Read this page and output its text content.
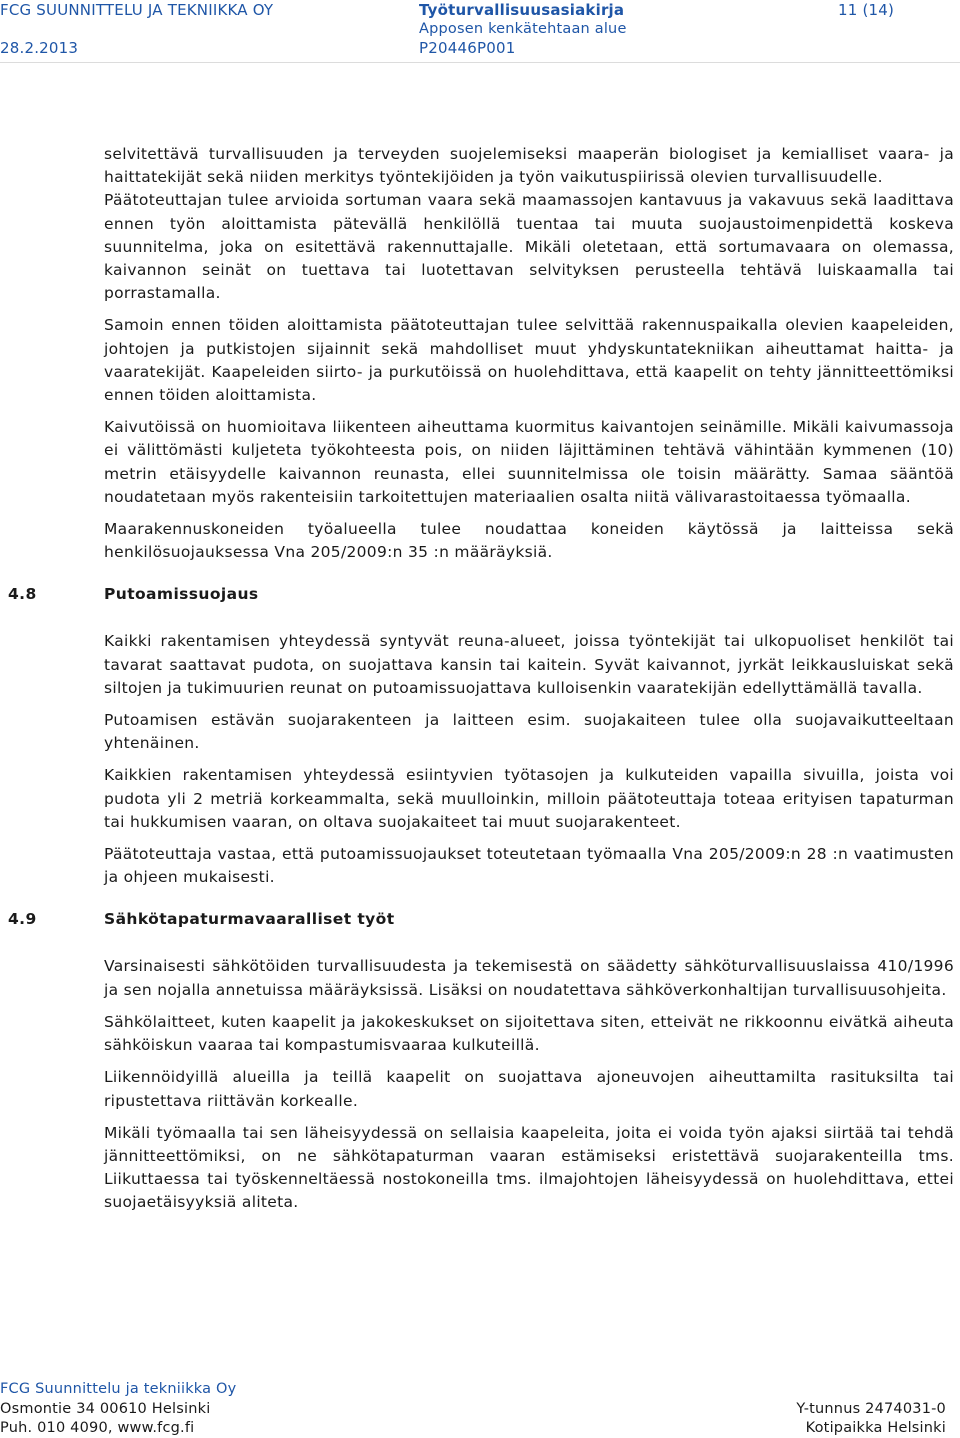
FCG SUUNNITTELU JA TEKNIIKKA OY
28.2.2013
Työturvallisuusasiakirja
Apposen kenkätehtaan alue
P20446P001
11 (14)

selvitettävä turvallisuuden ja terveyden suojelemiseksi maaperän biologiset ja kemialliset vaara- ja haittatekijät sekä niiden merkitys työntekijöiden ja työn vaikutuspiirissä olevien turvallisuudelle.

Päätoteuttajan tulee arvioida sortuman vaara sekä maamassojen kantavuus ja vakavuus sekä laadittava ennen työn aloittamista pätevällä henkilöllä tuentaa tai muuta suojaustoimenpidettä koskeva suunnitelma, joka on esitettävä rakennuttajalle. Mikäli oletetaan, että sortumavaara on olemassa, kaivannon seinät on tuettava tai luotettavan selvityksen perusteella tehtävä luiskaamalla tai porrastamalla.

Samoin ennen töiden aloittamista päätoteuttajan tulee selvittää rakennuspaikalla olevien kaapeleiden, johtojen ja putkistojen sijainnit sekä mahdolliset muut yhdyskuntatekniikan aiheuttamat haitta- ja vaaratekijät. Kaapeleiden siirto- ja purkutöissä on huolehdittava, että kaapelit on tehty jännitteettömiksi ennen töiden aloittamista.

Kaivutöissä on huomioitava liikenteen aiheuttama kuormitus kaivantojen seinämille. Mikäli kaivumassoja ei välittömästi kuljeteta työkohteesta pois, on niiden läjittäminen tehtävä vähintään kymmenen (10) metrin etäisyydelle kaivannon reunasta, ellei suunnitelmissa ole toisin määrätty. Samaa sääntöä noudatetaan myös rakenteisiin tarkoitettujen materiaalien osalta niitä välivarastoitaessa työmaalla.

Maarakennuskoneiden työalueella tulee noudattaa koneiden käytössä ja laitteissa sekä henkilösuojauksessa Vna 205/2009:n 35 :n määräyksiä.

4.8	Putoamissuojaus

Kaikki rakentamisen yhteydessä syntyvät reuna-alueet, joissa työntekijät tai ulkopuoliset henkilöt tai tavarat saattavat pudota, on suojattava kansin tai kaitein. Syvät kaivannot, jyrkät leikkausluiskat sekä siltojen ja tukimuurien reunat on putoamissuojattava kulloisenkin vaaratekijän edellyttämällä tavalla.

Putoamisen estävän suojarakenteen ja laitteen esim. suojakaiteen tulee olla suojavaikutteeltaan yhtenäinen.

Kaikkien rakentamisen yhteydessä esiintyvien työtasojen ja kulkuteiden vapailla sivuilla, joista voi pudota yli 2 metriä korkeammalta, sekä muulloinkin, milloin päätoteuttaja toteaa erityisen tapaturman tai hukkumisen vaaran, on oltava suojakaiteet tai muut suojarakenteet.

Päätoteuttaja vastaa, että putoamissuojaukset toteutetaan työmaalla Vna 205/2009:n 28 :n vaatimusten ja ohjeen mukaisesti.

4.9	Sähkötapaturmavaaralliset työt

Varsinaisesti sähkötöiden turvallisuudesta ja tekemisestä on säädetty sähköturvallisuuslaissa 410/1996 ja sen nojalla annetuissa määräyksissä. Lisäksi on noudatettava sähköverkonhaltijan turvallisuusohjeita.

Sähkölaitteet, kuten kaapelit ja jakokeskukset on sijoitettava siten, etteivät ne rikkoonnu eivätkä aiheuta sähköiskun vaaraa tai kompastumisvaaraa kulkuteillä.

Liikennöidyillä alueilla ja teillä kaapelit on suojattava ajoneuvojen aiheuttamilta rasituksilta tai ripustettava riittävän korkealle.

Mikäli työmaalla tai sen läheisyydessä on sellaisia kaapeleita, joita ei voida työn ajaksi siirtää tai tehdä jännitteettömiksi, on ne sähkötapaturman vaaran estämiseksi eristettävä suojarakenteilla tms. Liikuttaessa tai työskenneltäessä nostokoneilla tms. ilmajohtojen läheisyydessä on huolehdittava, ettei suojaetäisyyksiä aliteta.

FCG Suunnittelu ja tekniikka Oy
Osmontie 34 00610 Helsinki
Puh. 010 4090, www.fcg.fi
Y-tunnus 2474031-0
Kotipaikka Helsinki
